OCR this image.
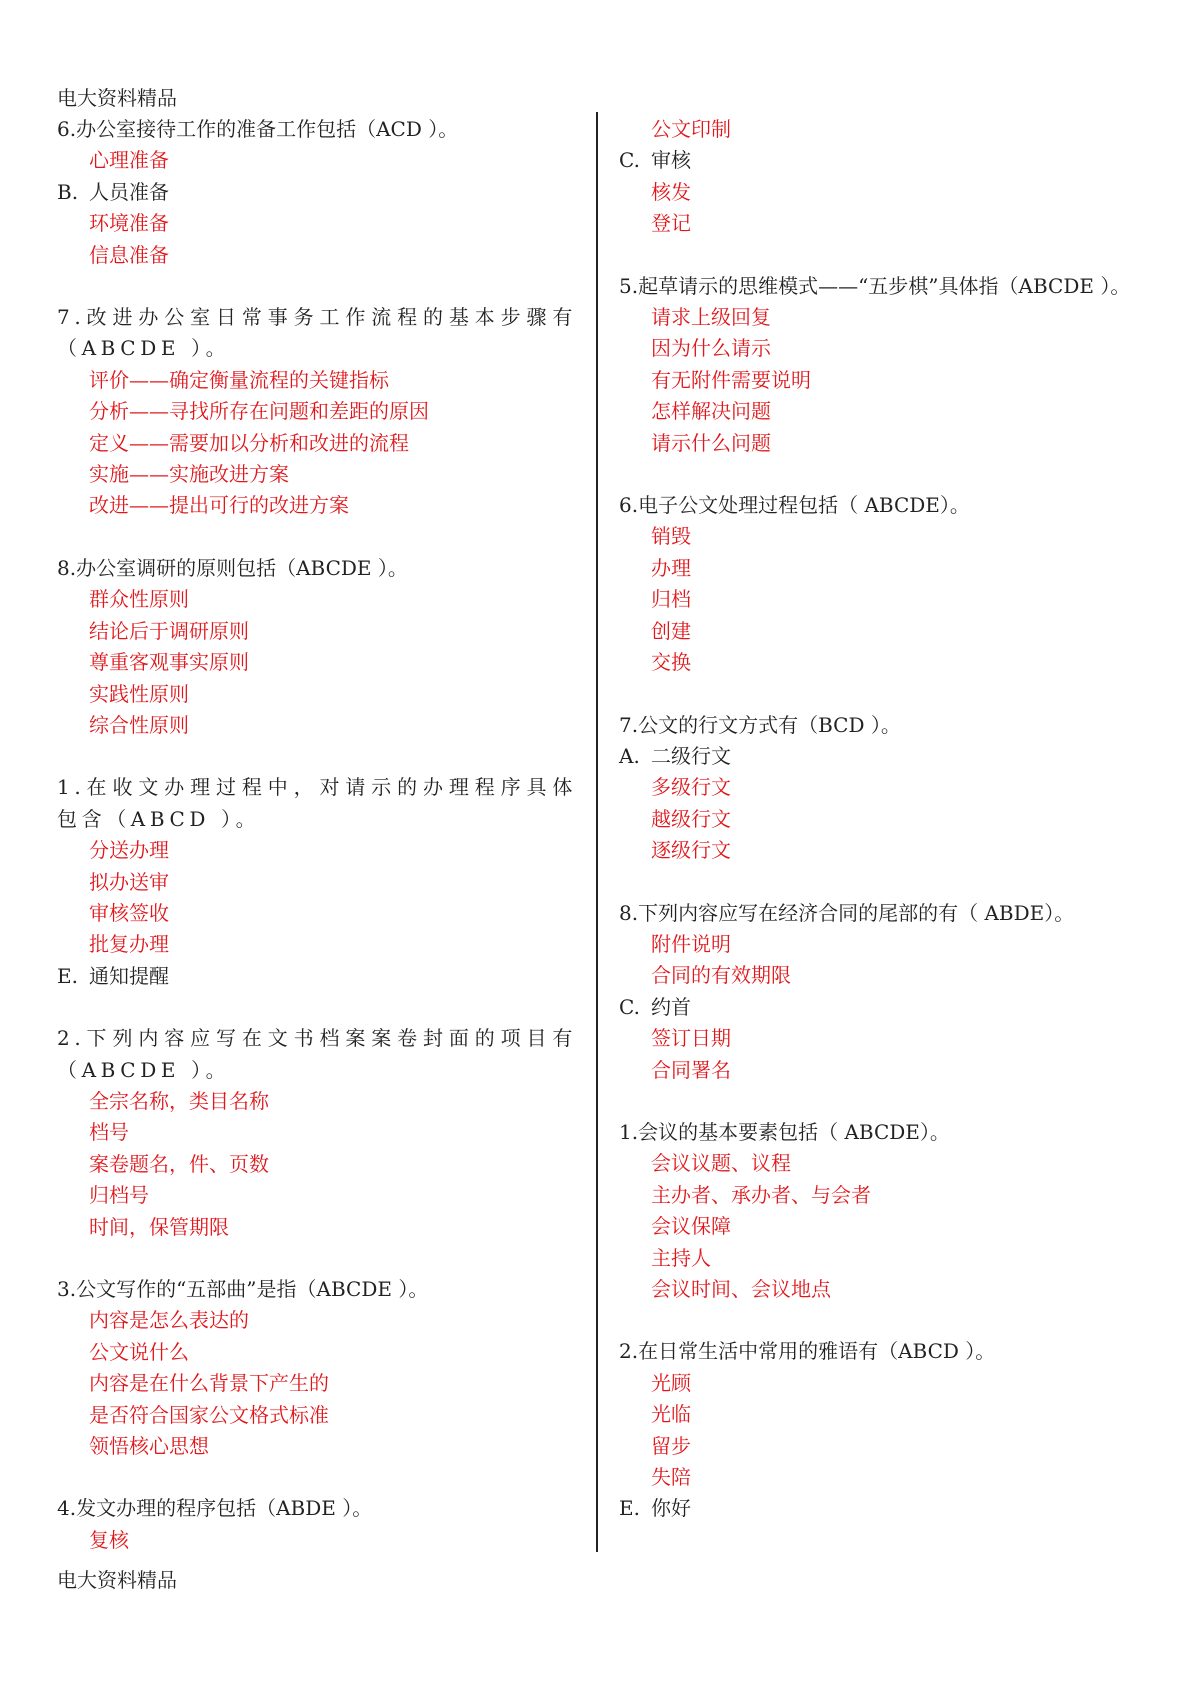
电大资料精品

6.办公室接待工作的准备工作包括（ACD ）。

心理准备
B. 人员准备
环境准备
信息准备

7.改进办公室日常事务工作流程的基本步骤有（ABCDE ）。

评价——确定衡量流程的关键指标
分析——寻找所存在问题和差距的原因
定义——需要加以分析和改进的流程
实施——实施改进方案
改进——提出可行的改进方案

8.办公室调研的原则包括（ABCDE ）。

群众性原则
结论后于调研原则
尊重客观事实原则
实践性原则
综合性原则

1.在收文办理过程中，对请示的办理程序具体包含（ABCD ）。

分送办理
拟办送审
审核签收
批复办理
E. 通知提醒

2.下列内容应写在文书档案案卷封面的项目有（ABCDE ）。

全宗名称，类目名称
档号
案卷题名，件、页数
归档号
时间，保管期限

3.公文写作的“五部曲”是指（ABCDE ）。

内容是怎么表达的
公文说什么
内容是在什么背景下产生的
是否符合国家公文格式标准
领悟核心思想

4.发文办理的程序包括（ABDE ）。

复核
公文印制
C. 审核
核发
登记

5.起草请示的思维模式——“五步棋”具体指（ABCDE ）。

请求上级回复
因为什么请示
有无附件需要说明
怎样解决问题
请示什么问题

6.电子公文处理过程包括（ ABCDE）。

销毁
办理
归档
创建
交换

7.公文的行文方式有（BCD ）。

A. 二级行文
多级行文
越级行文
逐级行文

8.下列内容应写在经济合同的尾部的有（ ABDE）。

附件说明
合同的有效期限
C. 约首
签订日期
合同署名

1.会议的基本要素包括（ ABCDE）。

会议议题、议程
主办者、承办者、与会者
会议保障
主持人
会议时间、会议地点

2.在日常生活中常用的雅语有（ABCD ）。

光顾
光临
留步
失陪
E. 你好
电大资料精品
